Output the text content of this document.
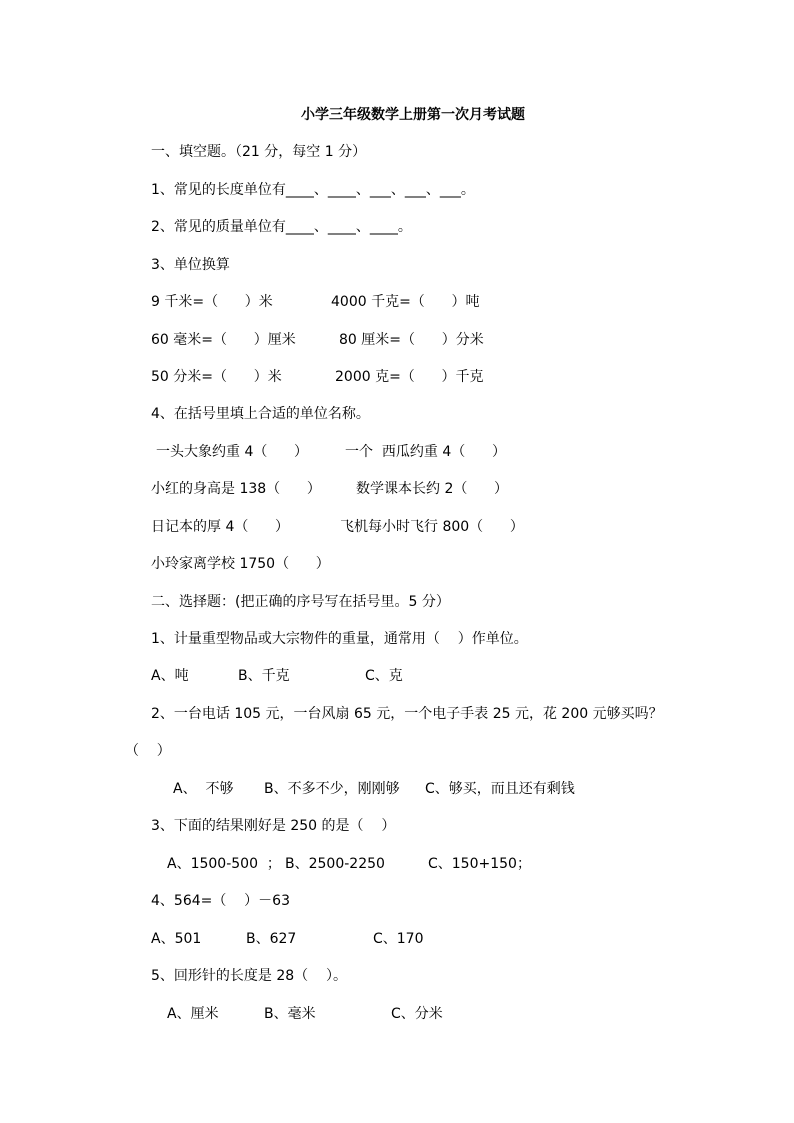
小学三年级数学上册第一次月考试题

一、填空题。（21 分，每空 1 分）

1、常见的长度单位有____、____、___、___、___。

2、常见的质量单位有____、____、____。

3、单位换算

9 千米=（      ）米	4000 千克=（      ）吨

60 毫米=（      ）厘米	80 厘米=（      ）分米

50 分米=（      ）米	2000 克=（      ）千克

4、在括号里填上合适的单位名称。

一头大象约重 4（      ）	一个  西瓜约重 4（      ）

小红的身高是 138（      ）	数学课本长约 2（      ）

日记本的厚 4（      ）	飞机每小时飞行 800（      ）

小玲家离学校 1750（      ）

二、选择题：(把正确的序号写在括号里。5 分）

1、计量重型物品或大宗物件的重量，通常用（    ）作单位。

A、吨	B、千克	C、克

2、一台电话 105 元，一台风扇 65 元，一个电子手表 25 元，花 200 元够买吗？

（    ）

A、  不够 B、不多不少，刚刚够 C、够买，而且还有剩钱

3、下面的结果刚好是 250 的是（    ）

A、1500-500  ； B、2500-2250	C、150+150；

4、564=（    ）－63

A、501	B、627	C、170

5、回形针的长度是 28（    ）。

A、厘米	B、毫米	C、分米
